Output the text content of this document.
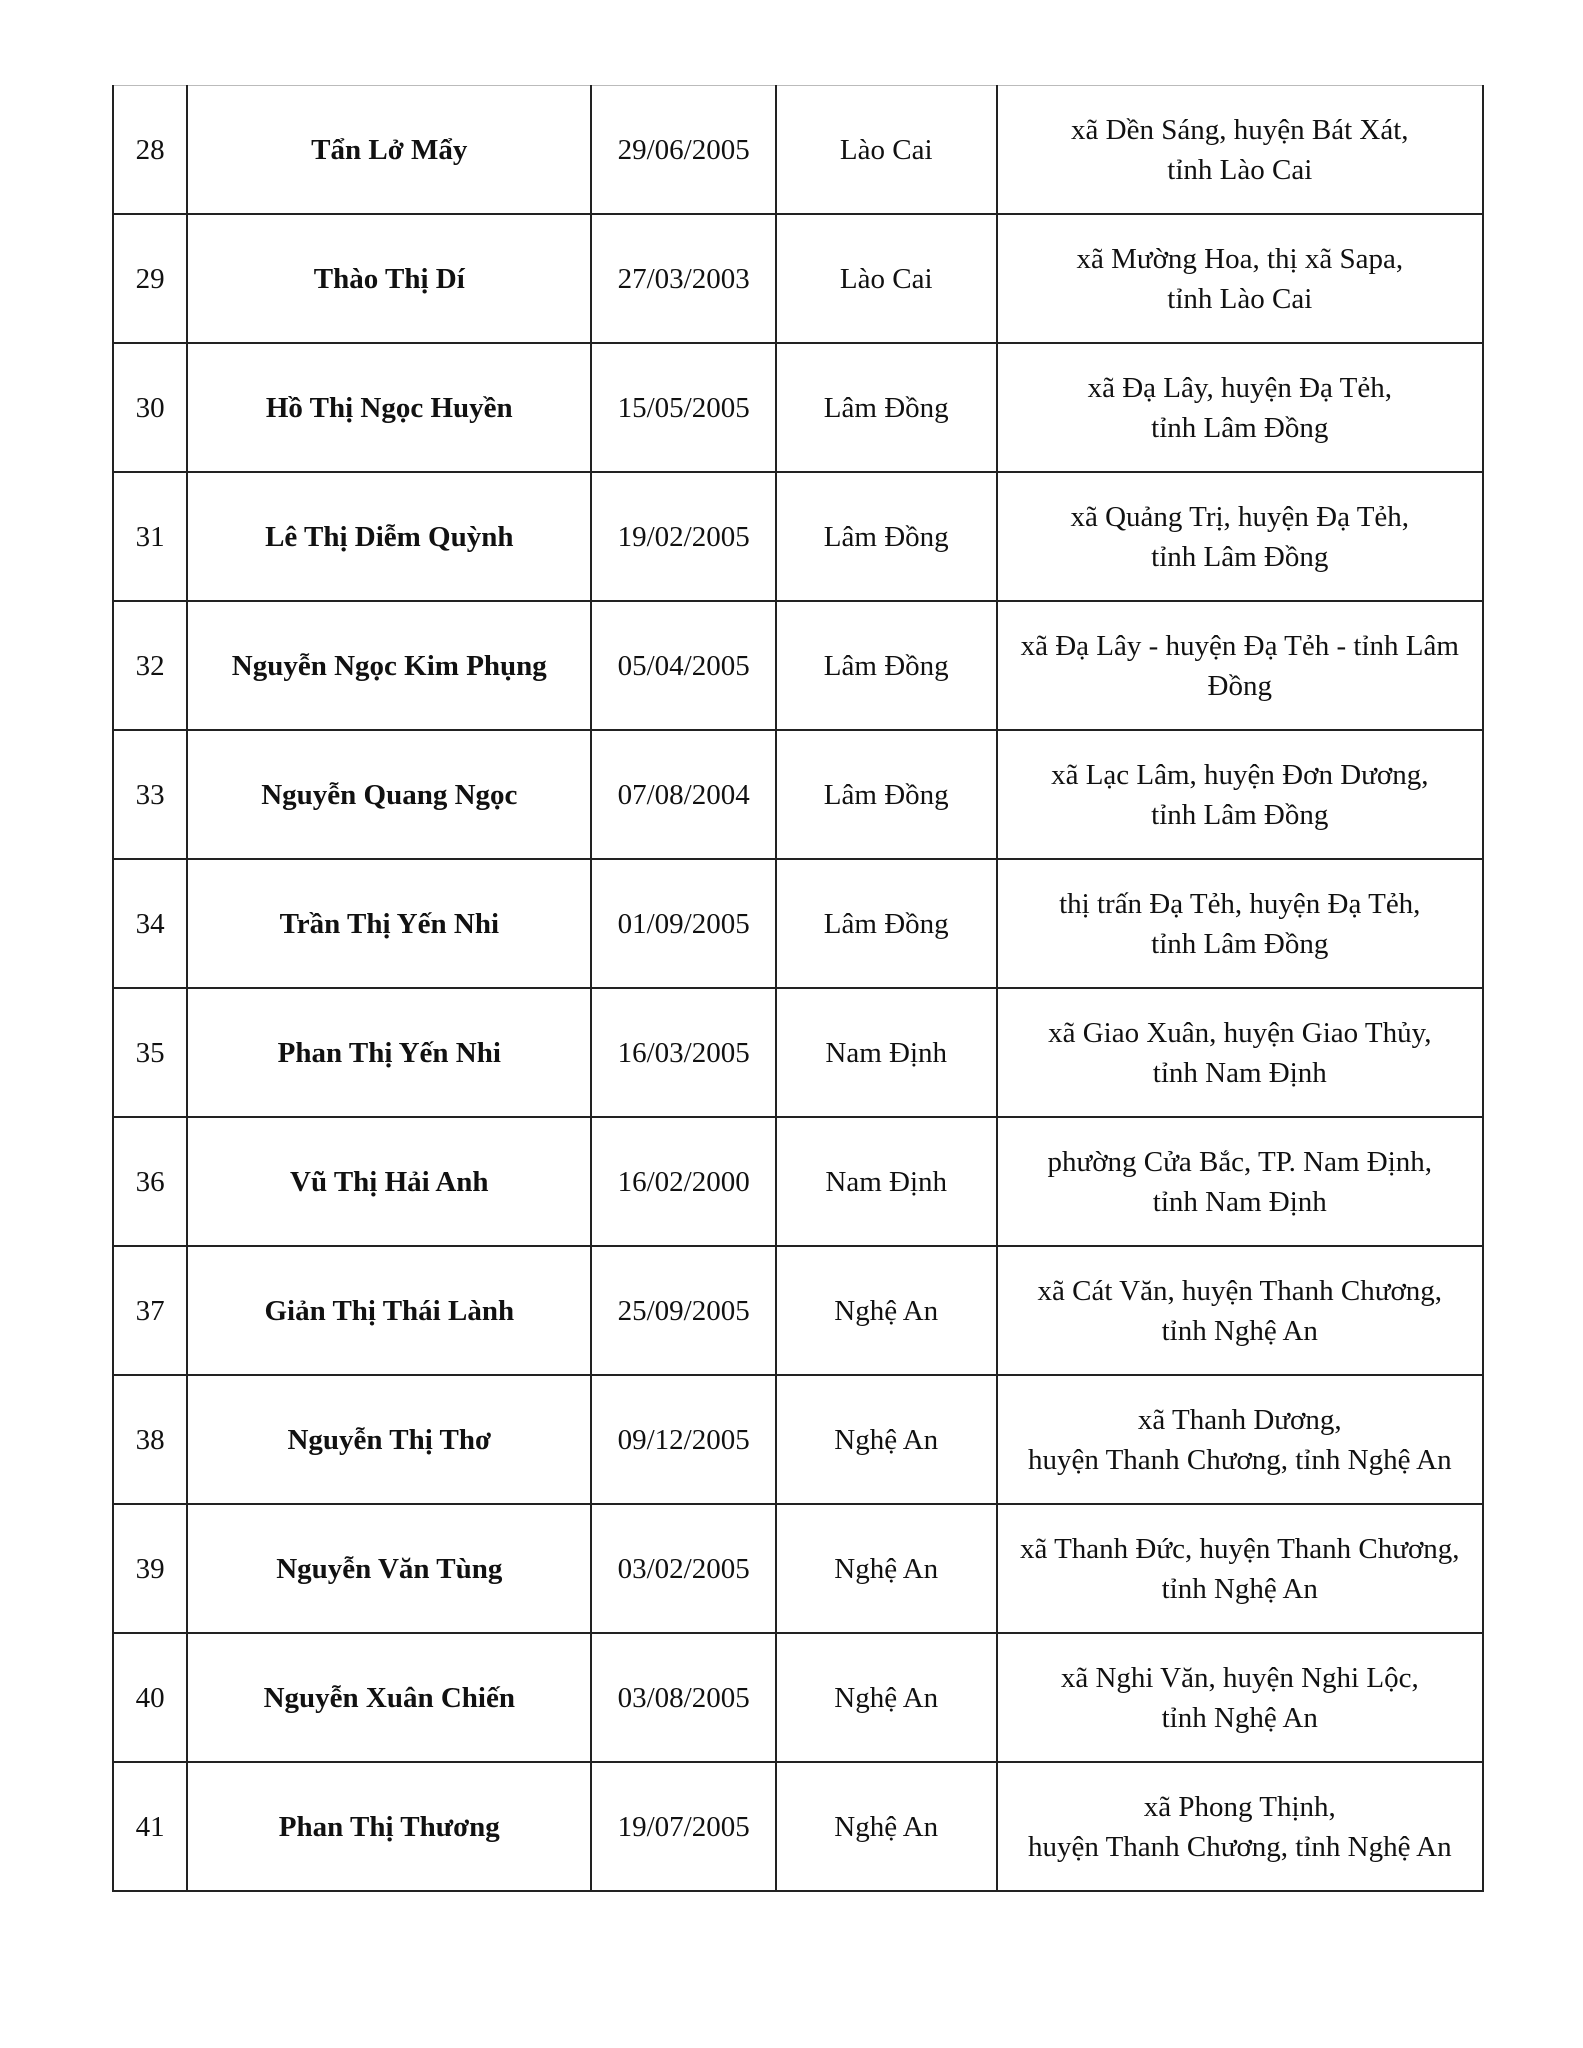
28	Tẩn Lở Mẩy	29/06/2005	Lào Cai	xã Dền Sáng, huyện Bát Xát,
tỉnh Lào Cai

29	Thào Thị Dí	27/03/2003	Lào Cai	xã Mường Hoa, thị xã Sapa,
tỉnh Lào Cai

30	Hồ Thị Ngọc Huyền	15/05/2005	Lâm Đồng	xã Đạ Lây, huyện Đạ Tẻh,
tỉnh Lâm Đồng

31	Lê Thị Diễm Quỳnh	19/02/2005	Lâm Đồng	xã Quảng Trị, huyện Đạ Tẻh,
tỉnh Lâm Đồng

32	Nguyễn Ngọc Kim Phụng	05/04/2005	Lâm Đồng	xã Đạ Lây - huyện Đạ Tẻh - tỉnh Lâm
Đồng

33	Nguyễn Quang Ngọc	07/08/2004	Lâm Đồng	xã Lạc Lâm, huyện Đơn Dương,
tỉnh Lâm Đồng

34	Trần Thị Yến Nhi	01/09/2005	Lâm Đồng	thị trấn Đạ Tẻh, huyện Đạ Tẻh,
tỉnh Lâm Đồng

35	Phan Thị Yến Nhi	16/03/2005	Nam Định	xã Giao Xuân, huyện Giao Thủy,
tỉnh Nam Định

36	Vũ Thị Hải Anh	16/02/2000	Nam Định	phường Cửa Bắc, TP. Nam Định,
tỉnh Nam Định

37	Giản Thị Thái Lành	25/09/2005	Nghệ An	xã Cát Văn, huyện Thanh Chương,
tỉnh Nghệ An

38	Nguyễn Thị Thơ	09/12/2005	Nghệ An	xã Thanh Dương,
huyện Thanh Chương, tỉnh Nghệ An

39	Nguyễn Văn Tùng	03/02/2005	Nghệ An	xã Thanh Đức, huyện Thanh Chương,
tỉnh Nghệ An

40	Nguyễn Xuân Chiến	03/08/2005	Nghệ An	xã Nghi Văn, huyện Nghi Lộc,
tỉnh Nghệ An

41	Phan Thị Thương	19/07/2005	Nghệ An	xã Phong Thịnh,
huyện Thanh Chương, tỉnh Nghệ An
